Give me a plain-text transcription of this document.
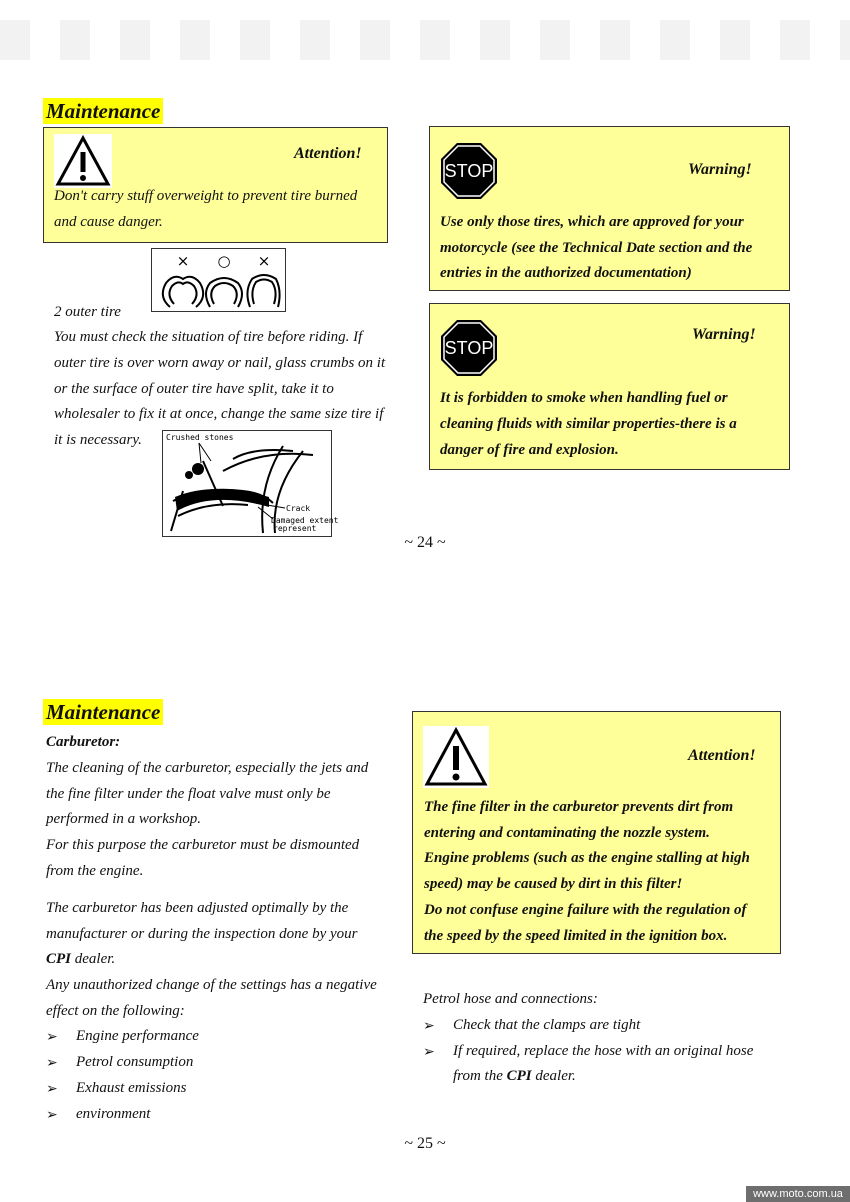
Maintenance
Attention!
Don't carry stuff overweight to prevent tire burned
and cause danger.
STOP	Warning!
Use only those tires, which are approved for your
motorcycle (see the Technical Date section and the
entries in the authorized documentation)
STOP
Warning!
It is forbidden to smoke when handling fuel or
cleaning fluids with similar properties-there is a
danger of fire and explosion.
× ○ ×
2 outer tire
You must check the situation of tire before riding. If
outer tire is over worn away or nail, glass crumbs on it
or the surface of outer tire have split, take it to
wholesaler to fix it at once, change the same size tire if
it is necessary.	Crushed stones
Crack
Damaged extent
represent
~ 24 ~
Maintenance
Carburetor:
The cleaning of the carburetor, especially the jets and
the fine filter under the float valve must only be
performed in a workshop.
For this purpose the carburetor must be dismounted
from the engine.
The carburetor has been adjusted optimally by the
manufacturer or during the inspection done by your
CPI dealer.
Any unauthorized change of the settings has a negative
effect on the following:
➢ Engine performance
➢ Petrol consumption
➢ Exhaust emissions
➢ environment
Attention!
The fine filter in the carburetor prevents dirt from
entering and contaminating the nozzle system.
Engine problems (such as the engine stalling at high
speed) may be caused by dirt in this filter!
Do not confuse engine failure with the regulation of
the speed by the speed limited in the ignition box.
Petrol hose and connections:
➢ Check that the clamps are tight
➢ If required, replace the hose with an original hose
from the CPI dealer.
~ 25 ~
www.moto.com.ua
